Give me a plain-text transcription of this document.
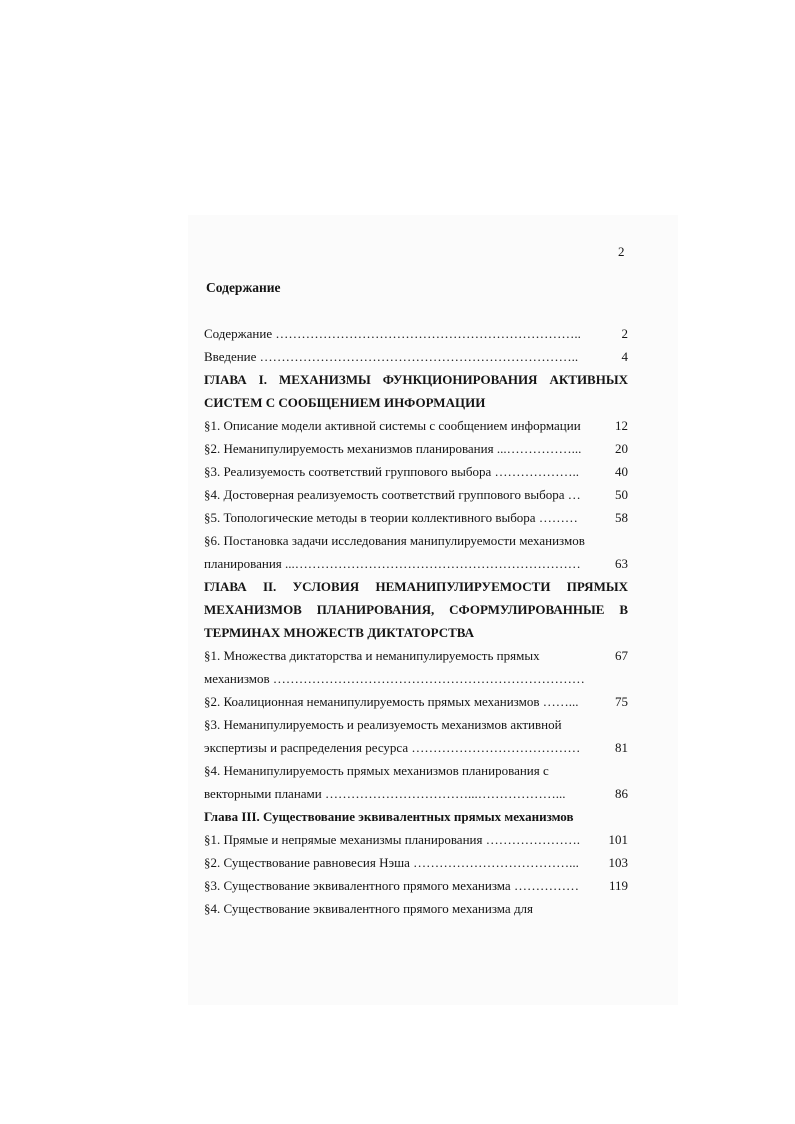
2
Содержание
Содержание ……………………………………………………………..	2
Введение ………………………………………………………………..	4
ГЛАВА I. МЕХАНИЗМЫ ФУНКЦИОНИРОВАНИЯ АКТИВНЫХ
СИСТЕМ С СООБЩЕНИЕМ ИНФОРМАЦИИ
§1. Описание модели активной системы с сообщением информации	12
§2. Неманипулируемость механизмов планирования ...……………...	20
§3. Реализуемость соответствий группового выбора ………………..	40
§4. Достоверная реализуемость соответствий группового выбора …	50
§5. Топологические методы в теории коллективного выбора ………	58
§6. Постановка задачи исследования манипулируемости механизмов
планирования ...…………………………………………………………	63
ГЛАВА II. УСЛОВИЯ НЕМАНИПУЛИРУЕМОСТИ ПРЯМЫХ
МЕХАНИЗМОВ ПЛАНИРОВАНИЯ, СФОРМУЛИРОВАННЫЕ В
ТЕРМИНАХ МНОЖЕСТВ ДИКТАТОРСТВА
§1. Множества диктаторства и неманипулируемость прямых	67
механизмов ………………………………………………………………
§2. Коалиционная неманипулируемость прямых механизмов ……...	75
§3. Неманипулируемость и реализуемость механизмов активной
экспертизы и распределения ресурса …………………………………	81
§4. Неманипулируемость прямых механизмов планирования с
векторными планами ……………………………...………………...	86
Глава III. Существование эквивалентных прямых механизмов
§1. Прямые и непрямые механизмы планирования …………………. 101
§2. Существование равновесия Нэша ………………………………... 103
§3. Существование эквивалентного прямого механизма …………… 119
§4. Существование эквивалентного прямого механизма для
